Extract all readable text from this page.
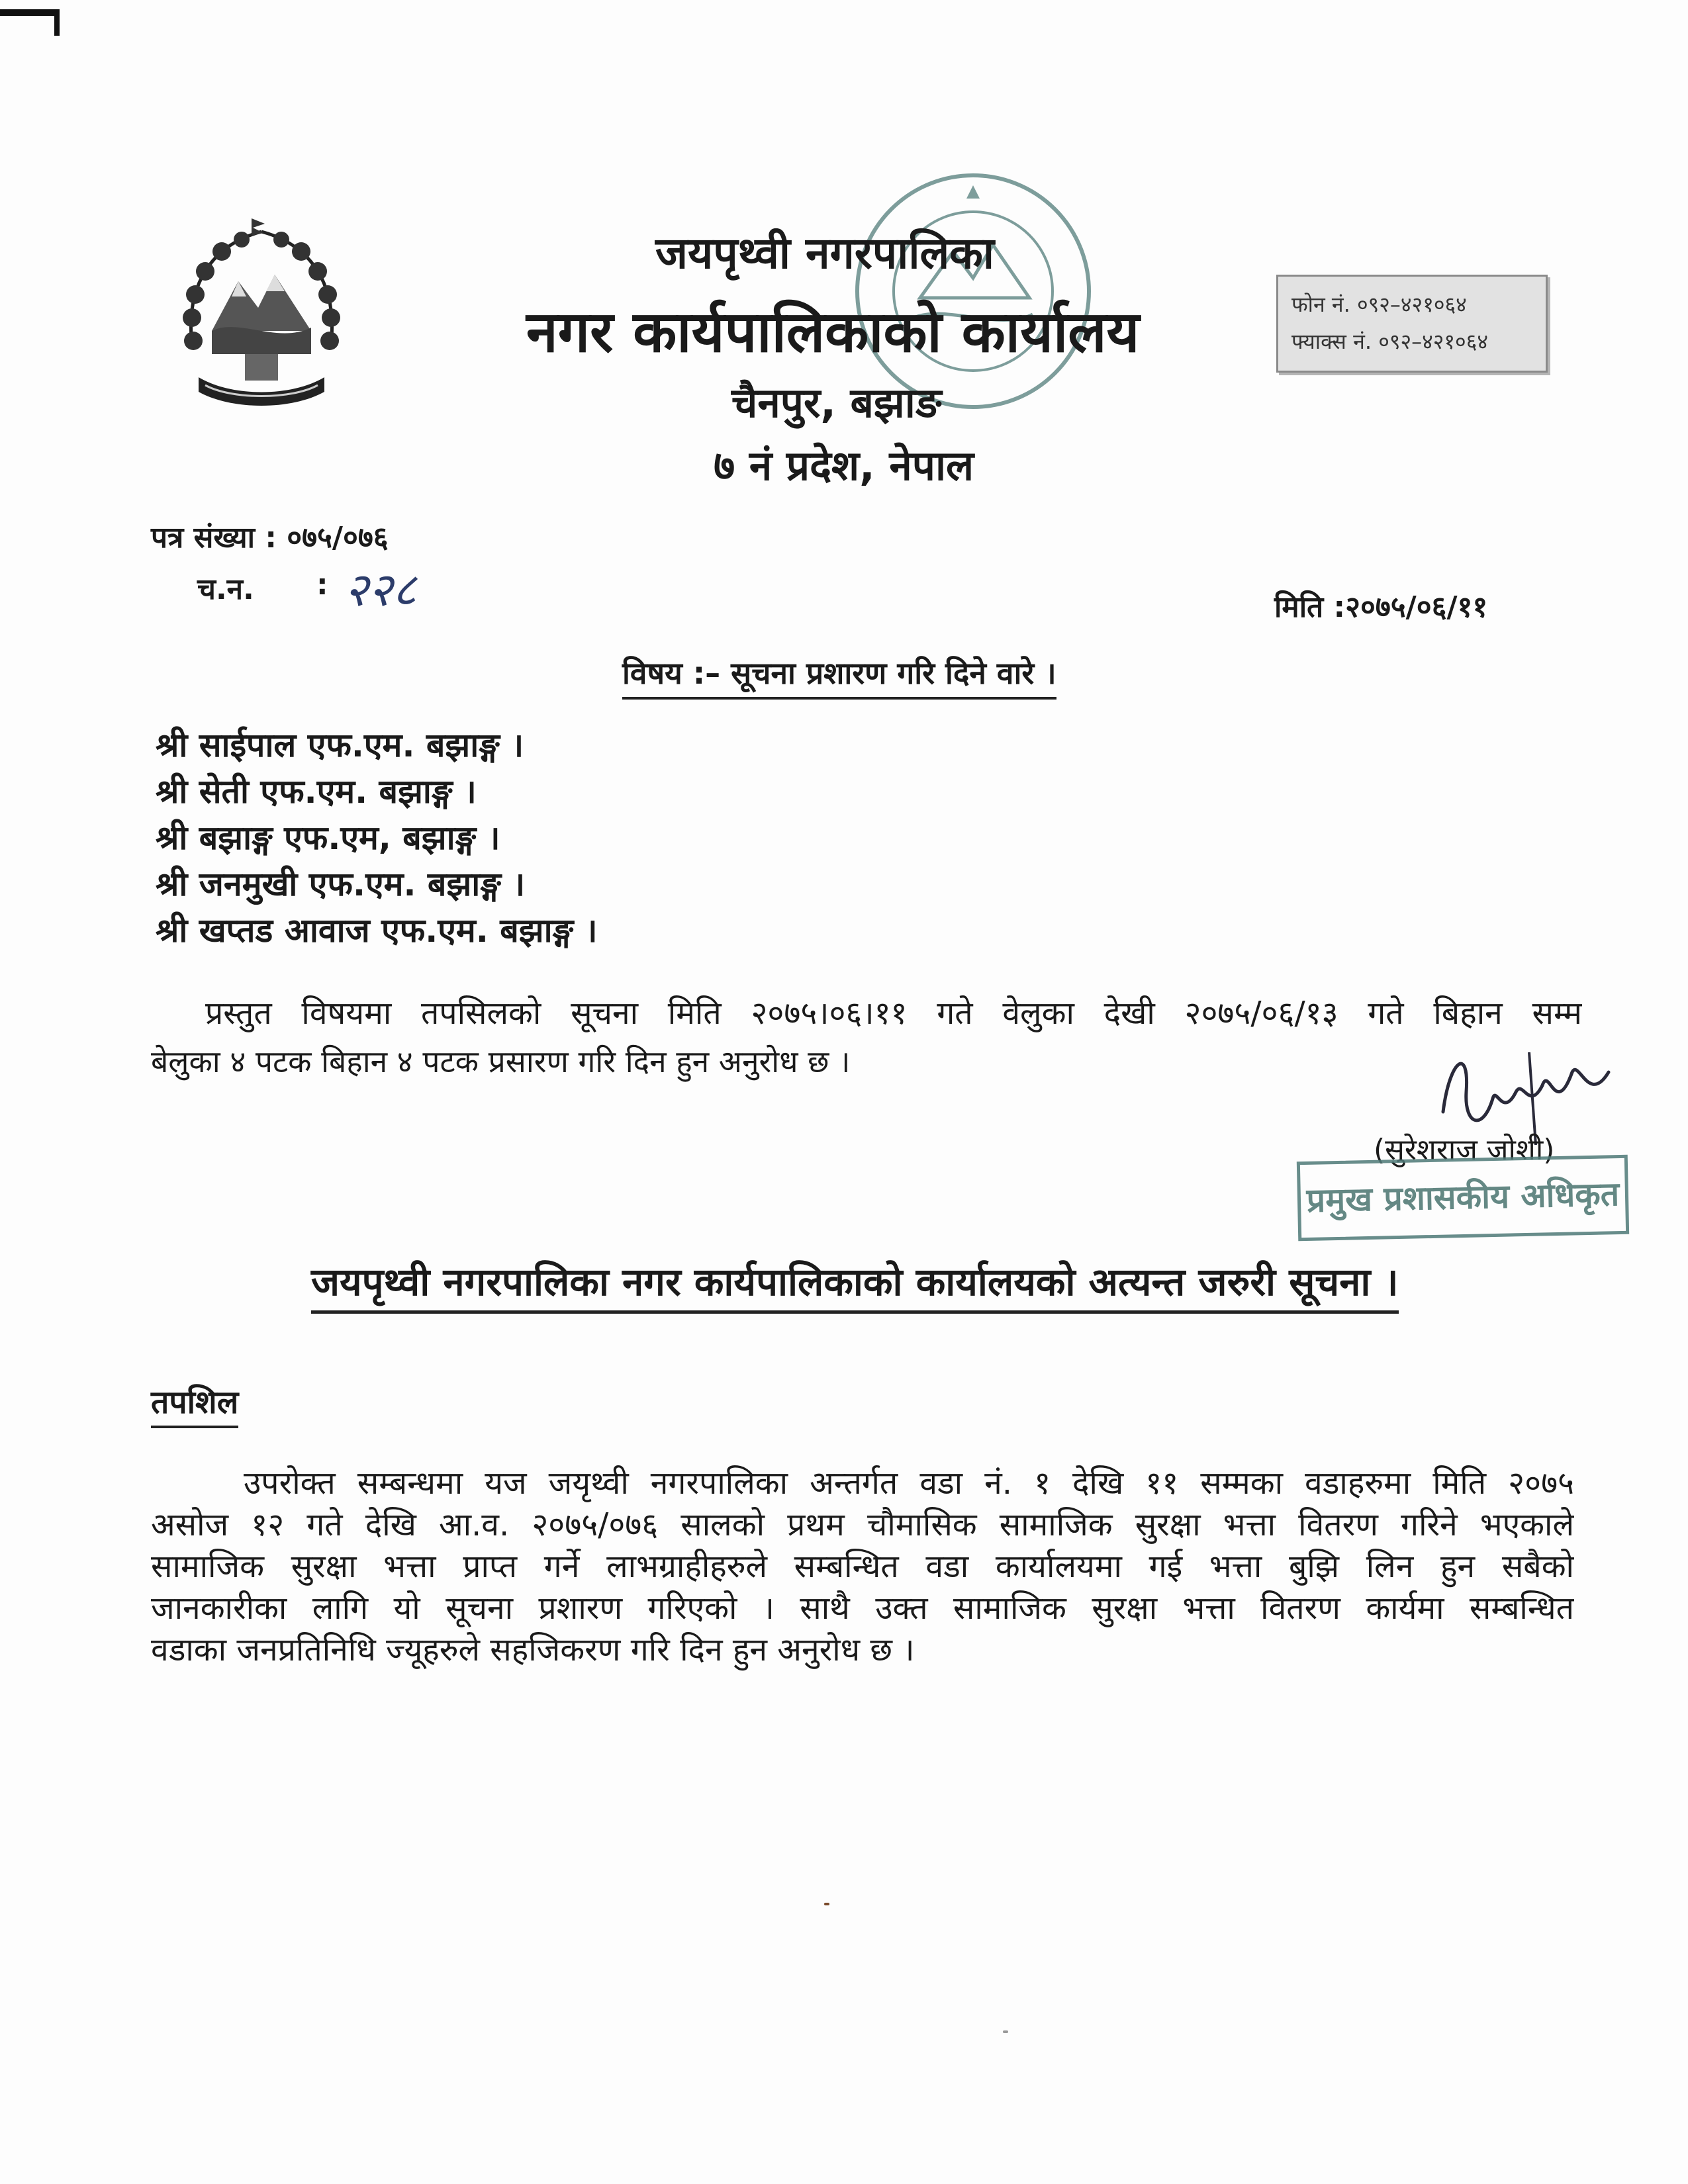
जयपृथ्वी नगरपालिका
नगर कार्यपालिकाको कार्यालय
चैनपुर, बझाङ
७ नं प्रदेश, नेपाल
फोन नं. ०९२–४२१०६४
फ्याक्स नं. ०९२–४२१०६४
पत्र संख्या : ०७५/०७६
च.न. : २२८	मिति :२०७५/०६/११
विषय :– सूचना प्रशारण गरि दिने वारे ।
श्री साईपाल एफ.एम. बझाङ्ग ।
श्री सेती एफ.एम. बझाङ्ग ।
श्री बझाङ्ग एफ.एम, बझाङ्ग ।
श्री जनमुखी एफ.एम. बझाङ्ग ।
श्री खप्तड आवाज एफ.एम. बझाङ्ग ।
प्रस्तुत विषयमा तपसिलको सूचना मिति २०७५।०६।११ गते वेलुका देखी २०७५/०६/१३ गते बिहान सम्म
बेलुका ४ पटक बिहान ४ पटक प्रसारण गरि दिन हुन अनुरोध छ ।
(सुरेशराज जोशी)
प्रमुख प्रशासकीय अधिकृत
जयपृथ्वी नगरपालिका नगर कार्यपालिकाको कार्यालयको अत्यन्त जरुरी सूचना ।
तपशिल
उपरोक्त सम्बन्धमा यज जयृथ्वी नगरपालिका अन्तर्गत वडा नं. १ देखि ११ सम्मका वडाहरुमा मिति २०७५
असोज १२ गते देखि आ.व. २०७५/०७६ सालको प्रथम चौमासिक सामाजिक सुरक्षा भत्ता वितरण गरिने भएकाले
सामाजिक सुरक्षा भत्ता प्राप्त गर्ने लाभग्राहीहरुले सम्बन्धित वडा कार्यालयमा गई भत्ता बुझि लिन हुन सबैको
जानकारीका लागि यो सूचना प्रशारण गरिएको । साथै उक्त सामाजिक सुरक्षा भत्ता वितरण कार्यमा सम्बन्धित
वडाका जनप्रतिनिधि ज्यूहरुले सहजिकरण गरि दिन हुन अनुरोध छ ।
